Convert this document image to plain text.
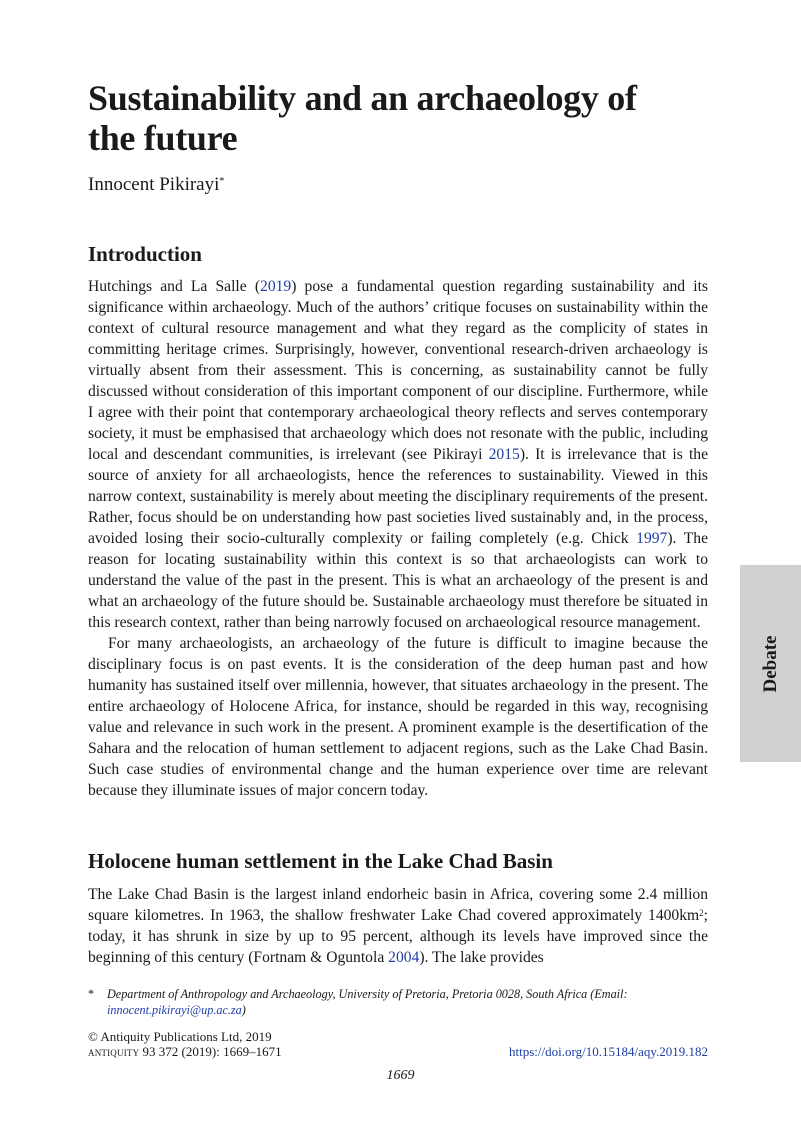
Sustainability and an archaeology of the future
Innocent Pikirayi*
Introduction

Hutchings and La Salle (2019) pose a fundamental question regarding sustainability and its significance within archaeology. Much of the authors’ critique focuses on sustainability within the context of cultural resource management and what they regard as the complicity of states in committing heritage crimes. Surprisingly, however, conventional research-driven archaeology is virtually absent from their assessment. This is concerning, as sustainability cannot be fully discussed without consideration of this important component of our discipline. Furthermore, while I agree with their point that contemporary archaeological theory reflects and serves contemporary society, it must be emphasised that archaeology which does not resonate with the public, including local and descendant communities, is irrelevant (see Pikirayi 2015). It is irrelevance that is the source of anxiety for all archaeologists, hence the references to sustainability. Viewed in this narrow context, sustainability is merely about meeting the disciplinary requirements of the present. Rather, focus should be on understanding how past societies lived sustainably and, in the process, avoided losing their socio-culturally complexity or failing completely (e.g. Chick 1997). The reason for locating sustainability within this context is so that archaeologists can work to understand the value of the past in the present. This is what an archaeology of the present is and what an archaeology of the future should be. Sustainable archaeology must therefore be situated in this research context, rather than being narrowly focused on archaeological resource management.

For many archaeologists, an archaeology of the future is difficult to imagine because the disciplinary focus is on past events. It is the consideration of the deep human past and how humanity has sustained itself over millennia, however, that situates archaeology in the present. The entire archaeology of Holocene Africa, for instance, should be regarded in this way, recognising value and relevance in such work in the present. A prominent example is the desertification of the Sahara and the relocation of human settlement to adjacent regions, such as the Lake Chad Basin. Such case studies of environmental change and the human experience over time are relevant because they illuminate issues of major concern today.

Holocene human settlement in the Lake Chad Basin

The Lake Chad Basin is the largest inland endorheic basin in Africa, covering some 2.4 million square kilometres. In 1963, the shallow freshwater Lake Chad covered approximately $1400km^2$; today, it has shrunk in size by up to 95 percent, although its levels have improved since the beginning of this century (Fortnam & Oguntola 2004). The lake provides

*	Department of Anthropology and Archaeology, University of Pretoria, Pretoria 0028, South Africa (Email: innocent.pikirayi@up.ac.za)
© Antiquity Publications Ltd, 2019
antiquity 93 372 (2019): 1669–1671	https://doi.org/10.15184/aqy.2019.182
1669
Debate
